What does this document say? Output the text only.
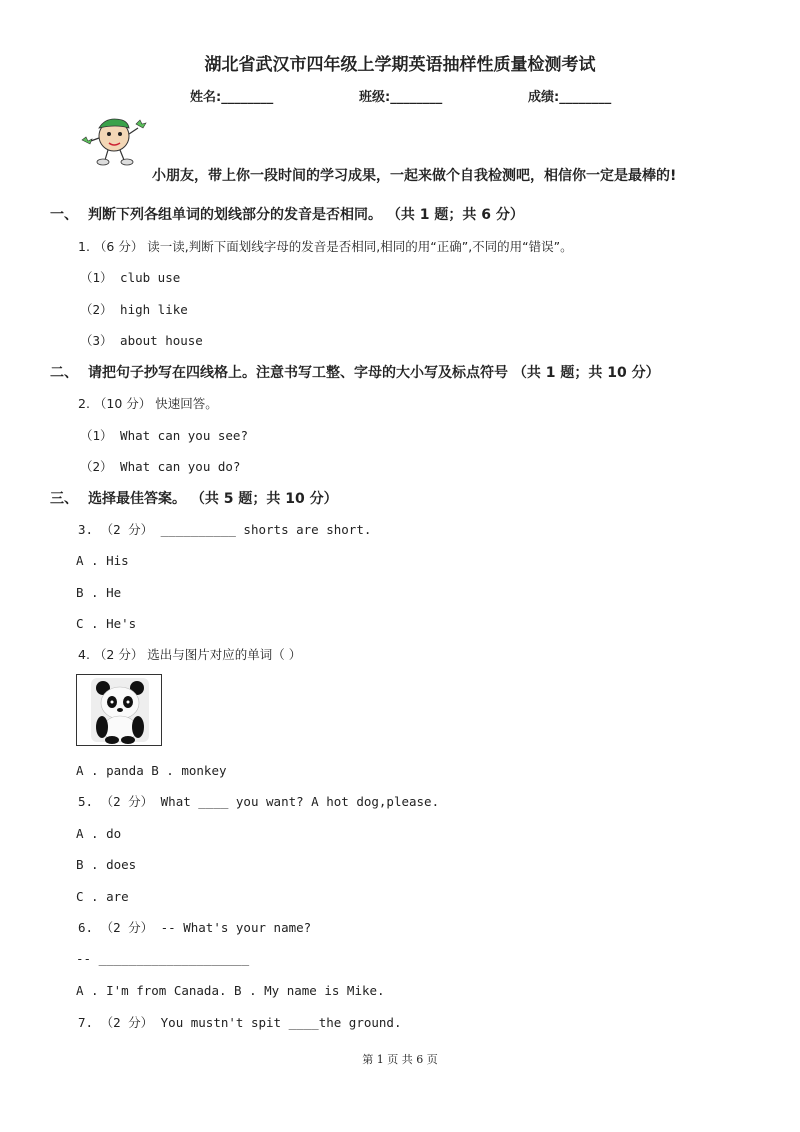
湖北省武汉市四年级上学期英语抽样性质量检测考试
姓名:________	班级:________	成绩:________
小朋友，带上你一段时间的学习成果，一起来做个自我检测吧，相信你一定是最棒的!
一、 判断下列各组单词的划线部分的发音是否相同。 （共 1 题；共 6 分）
1. （6 分） 读一读,判断下面划线字母的发音是否相同,相同的用“正确”,不同的用“错误”。
（1） club use
（2） high like
（3） about house
二、 请把句子抄写在四线格上。注意书写工整、字母的大小写及标点符号 （共 1 题；共 10 分）
2. （10 分） 快速回答。
（1） What can you see?
（2） What can you do?
三、 选择最佳答案。 （共 5 题；共 10 分）
3. （2 分） __________ shorts are short.
A . His
B . He
C . He's
4. （2 分） 选出与图片对应的单词（ ）
A . panda B . monkey
5. （2 分） What ____ you want? A hot dog,please.
A . do
B . does
C . are
6. （2 分） -- What's your name?
-- ____________________
A . I'm from Canada. B . My name is Mike.
7. （2 分） You mustn't spit ____the ground.
第 1 页 共 6 页
